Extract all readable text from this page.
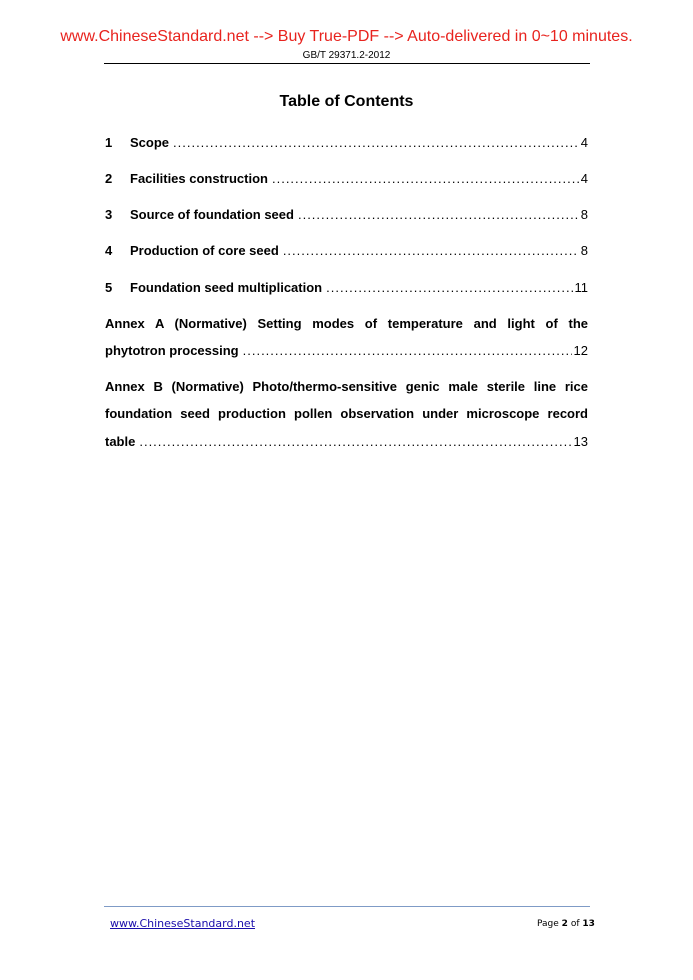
www.ChineseStandard.net --> Buy True-PDF --> Auto-delivered in 0~10 minutes.
GB/T 29371.2-2012
Table of Contents
1	Scope .....	4
2	Facilities construction .....	4
3	Source of foundation seed .....	8
4	Production of core seed .....	8
5	Foundation seed multiplication .....	11
Annex A (Normative) Setting modes of temperature and light of the
phytotron processing .....	12
Annex B (Normative) Photo/thermo-sensitive genic male sterile line rice
foundation seed production pollen observation under microscope record
table .....	13
www.ChineseStandard.net	Page 2 of 13
